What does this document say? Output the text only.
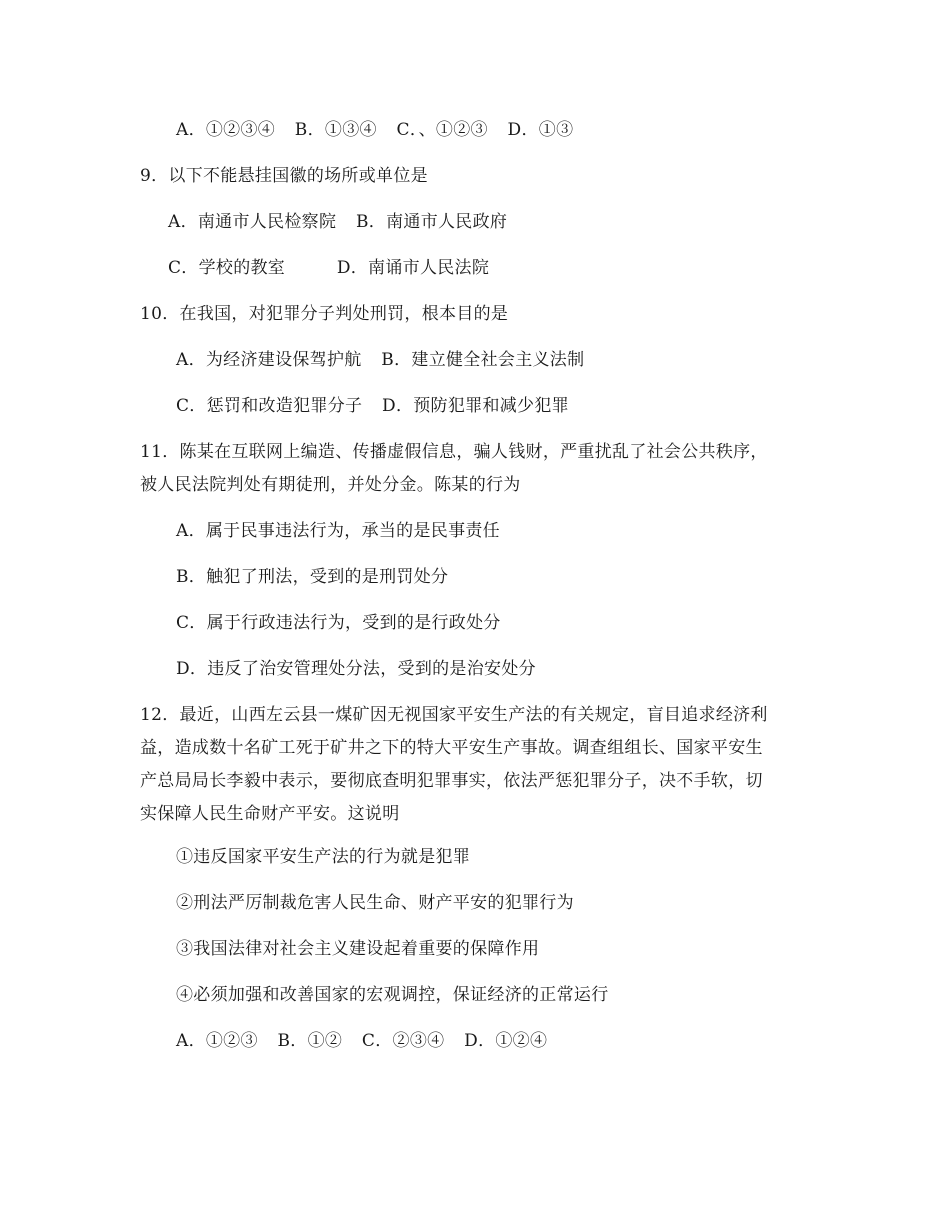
A．①②③④ B．①③④ C．、①②③ D．①③
9．以下不能悬挂国徽的场所或单位是
A．南通市人民检察院 B．南通市人民政府
C．学校的教室	D．南诵市人民法院
10．在我国，对犯罪分子判处刑罚，根本目的是
A．为经济建设保驾护航 B．建立健全社会主义法制
C．惩罚和改造犯罪分子 D．预防犯罪和减少犯罪
11．陈某在互联网上编造、传播虚假信息，骗人钱财，严重扰乱了社会公共秩序，
被人民法院判处有期徒刑，并处分金。陈某的行为
A．属于民事违法行为，承当的是民事责任
B．触犯了刑法，受到的是刑罚处分
C．属于行政违法行为，受到的是行政处分
D．违反了治安管理处分法，受到的是治安处分
12．最近，山西左云县一煤矿因无视国家平安生产法的有关规定，盲目追求经济利
益，造成数十名矿工死于矿井之下的特大平安生产事故。调查组组长、国家平安生
产总局局长李毅中表示，要彻底查明犯罪事实，依法严惩犯罪分子，决不手软，切
实保障人民生命财产平安。这说明
①违反国家平安生产法的行为就是犯罪
②刑法严厉制裁危害人民生命、财产平安的犯罪行为
③我国法律对社会主义建设起着重要的保障作用
④必须加强和改善国家的宏观调控，保证经济的正常运行
A．①②③ B．①② C．②③④ D．①②④
